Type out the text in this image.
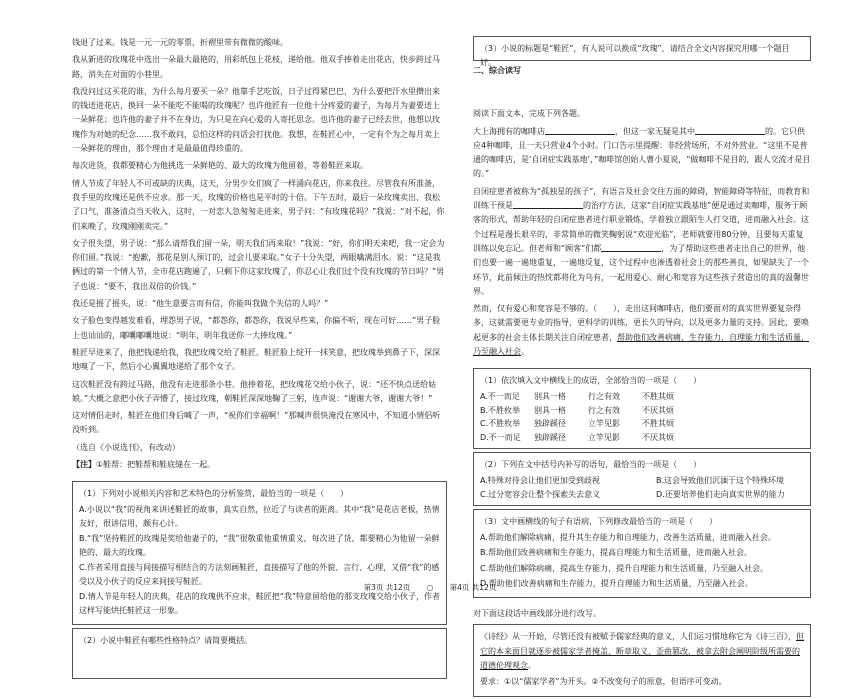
钱退了过来。钱是一元一元的零票，折褶里带有微微的酸味。

我从新进的玫瑰花中选出一朵最大最艳的，用彩纸包上花枝，递给他。他双手捧着走出花店，快步跨过马路，消失在对面的小巷里。

我没问过这买花的谁，为什么每月要买一朵？他靠手艺吃饭，日子过得紧巴巴，为什么要把汗水里攒出来的钱送进花店，换回一朵不能吃不能喝的玫瑰呢？也许他匠有一位他十分疼爱的妻子，为每月为妻要送上一朵鲜花；也许他的妻子并不在身边，为只是在向心爱的人寄托思念。也许他的妻子已经去世，他想以玫瑰作为对她的纪念……我不敢问，总怕这样的问话会打扰他。我想，在鞋匠心中，一定有个为之每月卖上一朵鲜花的理由，那个理由才是最最值得珍重的。

每次进货，我都要精心为他挑选一朵鲜艳的、最大的玫瑰为他留着，等着鞋匠来取。

情人节成了年轻人不可或缺的庆典，这天，分男少女们疯了一样涌向花店，你来我往。尽管我有所准备，我手里的玫瑰还是供不应求。那一天，玫瑰的价格也是平时的十倍。下午五时，最后一朵玫瑰卖出，我松了口气，准备清点当天收入，这时，一对恋人急匆匆走进来，男子问：“有玫瑰花吗？”我说：“对不起，你们来晚了，玫瑰刚刚卖完。”

女子很失望，男子说：“那么请帮我们留一朵，明天我们再来取！”我说：“好，你们明天来吧，我一定会为你们留。”我说：“抱歉，那花是别人预订的，过会儿要来取。”女子十分失望，两眼噙满泪水。说：“这是我俩过的第一个情人节，全市花店跑遍了，只剩下你这家玫瑰了，你忍心让我们过个没有玫瑰的节日吗？”男子也说：“要不，我出双倍的价钱。”

我还是摇了摇头，说：“他生意要言而有信，你能叫我做个失信的人吗？”

女子脸色变得越发难看，埋怨男子说，“都怨你，都怨你，我说早些来，你偏不听，现在可好……”男子脸上也讪讪的，嘟囔嘟囔地说：“明年，明年我送你一大捧玫瑰。”

鞋匠早进来了，他把钱递给我，我把玫瑰交给了鞋匠。鞋匠脸上绽开一抹笑意，把玫瑰举到鼻子下，深深地嗅了一下，然后小心翼翼地递给了那个女子。

这次鞋匠没有跨过马路，他没有走进那条小巷。他捧着花，把玫瑰花交给小伙子，说：“还不快点送给姑娘。”大概之意把小伙子弄懵了，接过玫瑰，朝鞋匠深深地鞠了三躬，连声说：“谢谢大爷，谢谢大爷！”

这对情侣走时，鞋匠在他们身后喊了一声，“祝你们幸福啊！”那喊声很快淹没在寒风中，不知道小情侣听没听到。

（选自《小说选刊》，有改动）

【注】①鞋帮：把鞋帮和鞋底缝在一起。

（1）下列对小说相关内容和艺术特色的分析鉴赏，最恰当的一项是（　　）

A.小说以“我”的视角来讲述鞋匠的故事，真实自然，拉近了与读者的距离。其中“我”是花店老板，热情友好，很讲信用，颇有心计。

B.“我”坚持鞋匠的玫瑰是奖给他妻子的，“我”很敬重他重情重义，每次进了货，都要精心为他留一朵鲜艳的、最大的玫瑰。

C.作者采用直接与间接描写相结合的方法刻画鞋匠，直接描写了他的外貌、言行、心理，又借“我”的感受以及小伙子的反应来间接写鞋匠。

D.情人节是年轻人的庆典，花店的玫瑰供不应求，鞋匠把“我”特意留给他的那支玫瑰交给小伙子，作者这样写能烘托鞋匠这一形象。

（2）小说中鞋匠有哪些性格特点？请简要概括。

（3）小说的标题是“鞋匠”，有人说可以换成“玫瑰”，请结合全文内容探究用哪一个题目好。

二、综合读写

阅读下面文本，完成下列各题。

大上海拥有的咖啡店	，但这一家无疑是其中	的。它只供应4种咖啡，且一天只营业4个小时。门口告示里提醒：非经营场所，不对外营业。“这里不是普通的咖啡店，是‘自闭症实践基地’，”咖啡馆创始人曹小夏说，“做咖啡不是目的，跟人交流才是目的。”

自闭症患者被称为“孤独星的孩子”，有语言及社会交往方面的障碍，智能障碍等特征，而教育和训练干预是	的治疗方法，这家“自闭症实践基地”便是通过卖咖啡，服务于顾客的形式，帮助年轻的自闭症患者进行职业锻炼，学着独立跟陌生人打交道，进而融入社会。这个过程是漫长艰辛的，非常简单的微笑鞠躬说“欢迎光临”，老师就要用80分钟，且要每天重复训练以免忘记。但老师和“顾客”们都	，为了帮助这些患者走出自己的世界，他们也要一遍一遍地重复，一遍地反复，这个过程中也渗透着社会上的那些善良，如果缺失了一个环节，此前倾注的热忱都将化为乌有，一起用爱心、耐心和宽容为这些孩子营造出的真的温馨世界。

然而，仅有爱心和宽容是不够的。（　　），走出这间咖啡店，他们要面对的真实世界要复杂得多，这就需要更专业的指导，更科学的训练，更长久的导向，以及更多力量的支持。因此，要唤起更多的社会主体长期关注自闭症患者，帮助他们改善病痛、生存能力，自理能力和生活质量，乃至融入社会。

（1）依次填入文中横线上的成语，全部恰当的一项是（　　）

A.不一而足	别具一格	行之有效	不胜其烦
B.不胜枚举	别具一格	行之有效	不厌其烦
C.不胜枚举	独辟蹊径	立竿见影	不胜其烦
D.不一而足	独辟蹊径	立竿见影	不厌其烦

（2）下列在文中括号内补写的语句，最恰当的一项是（　　）

A.特殊对待会让他们更加受到歧视	B.这会导致他们沉湎于这个特殊环境
C.过分宽容会让整个探索失去意义	D.还要培养他们走向真实世界的能力

（3）文中画横线的句子有语病，下列修改最恰当的一项是（　　）

A.帮助他们解除病痛，提升其生存能力和自理能力，改善生活质量，进而融入社会。

B.帮助他们改善病痛和生存能力，提高自理能力和生活质量，进而融入社会。

C.帮助他们解除病痛，提高生存能力，提升自理能力和生活质量，乃至融入社会。

D.帮助他们改善病痛和生存能力，提升自理能力和生活质量，乃至融入社会。

对下面这段话中画线部分进行改写。

《诗经》从一开始，尽管还没有被赋予儒家经典的意义，人们运习惯地称它为《诗三百》，但它的本来面目就逐步被儒家学者掩盖、断章取义、歪曲篡改，被拿去附会阐明阶级所需要的道德伦理观念。

要求：①以“儒家学者”为开头。②不改变句子的原意，但语序可变动。

第3页 共12页 ○ 第4页 共12页
